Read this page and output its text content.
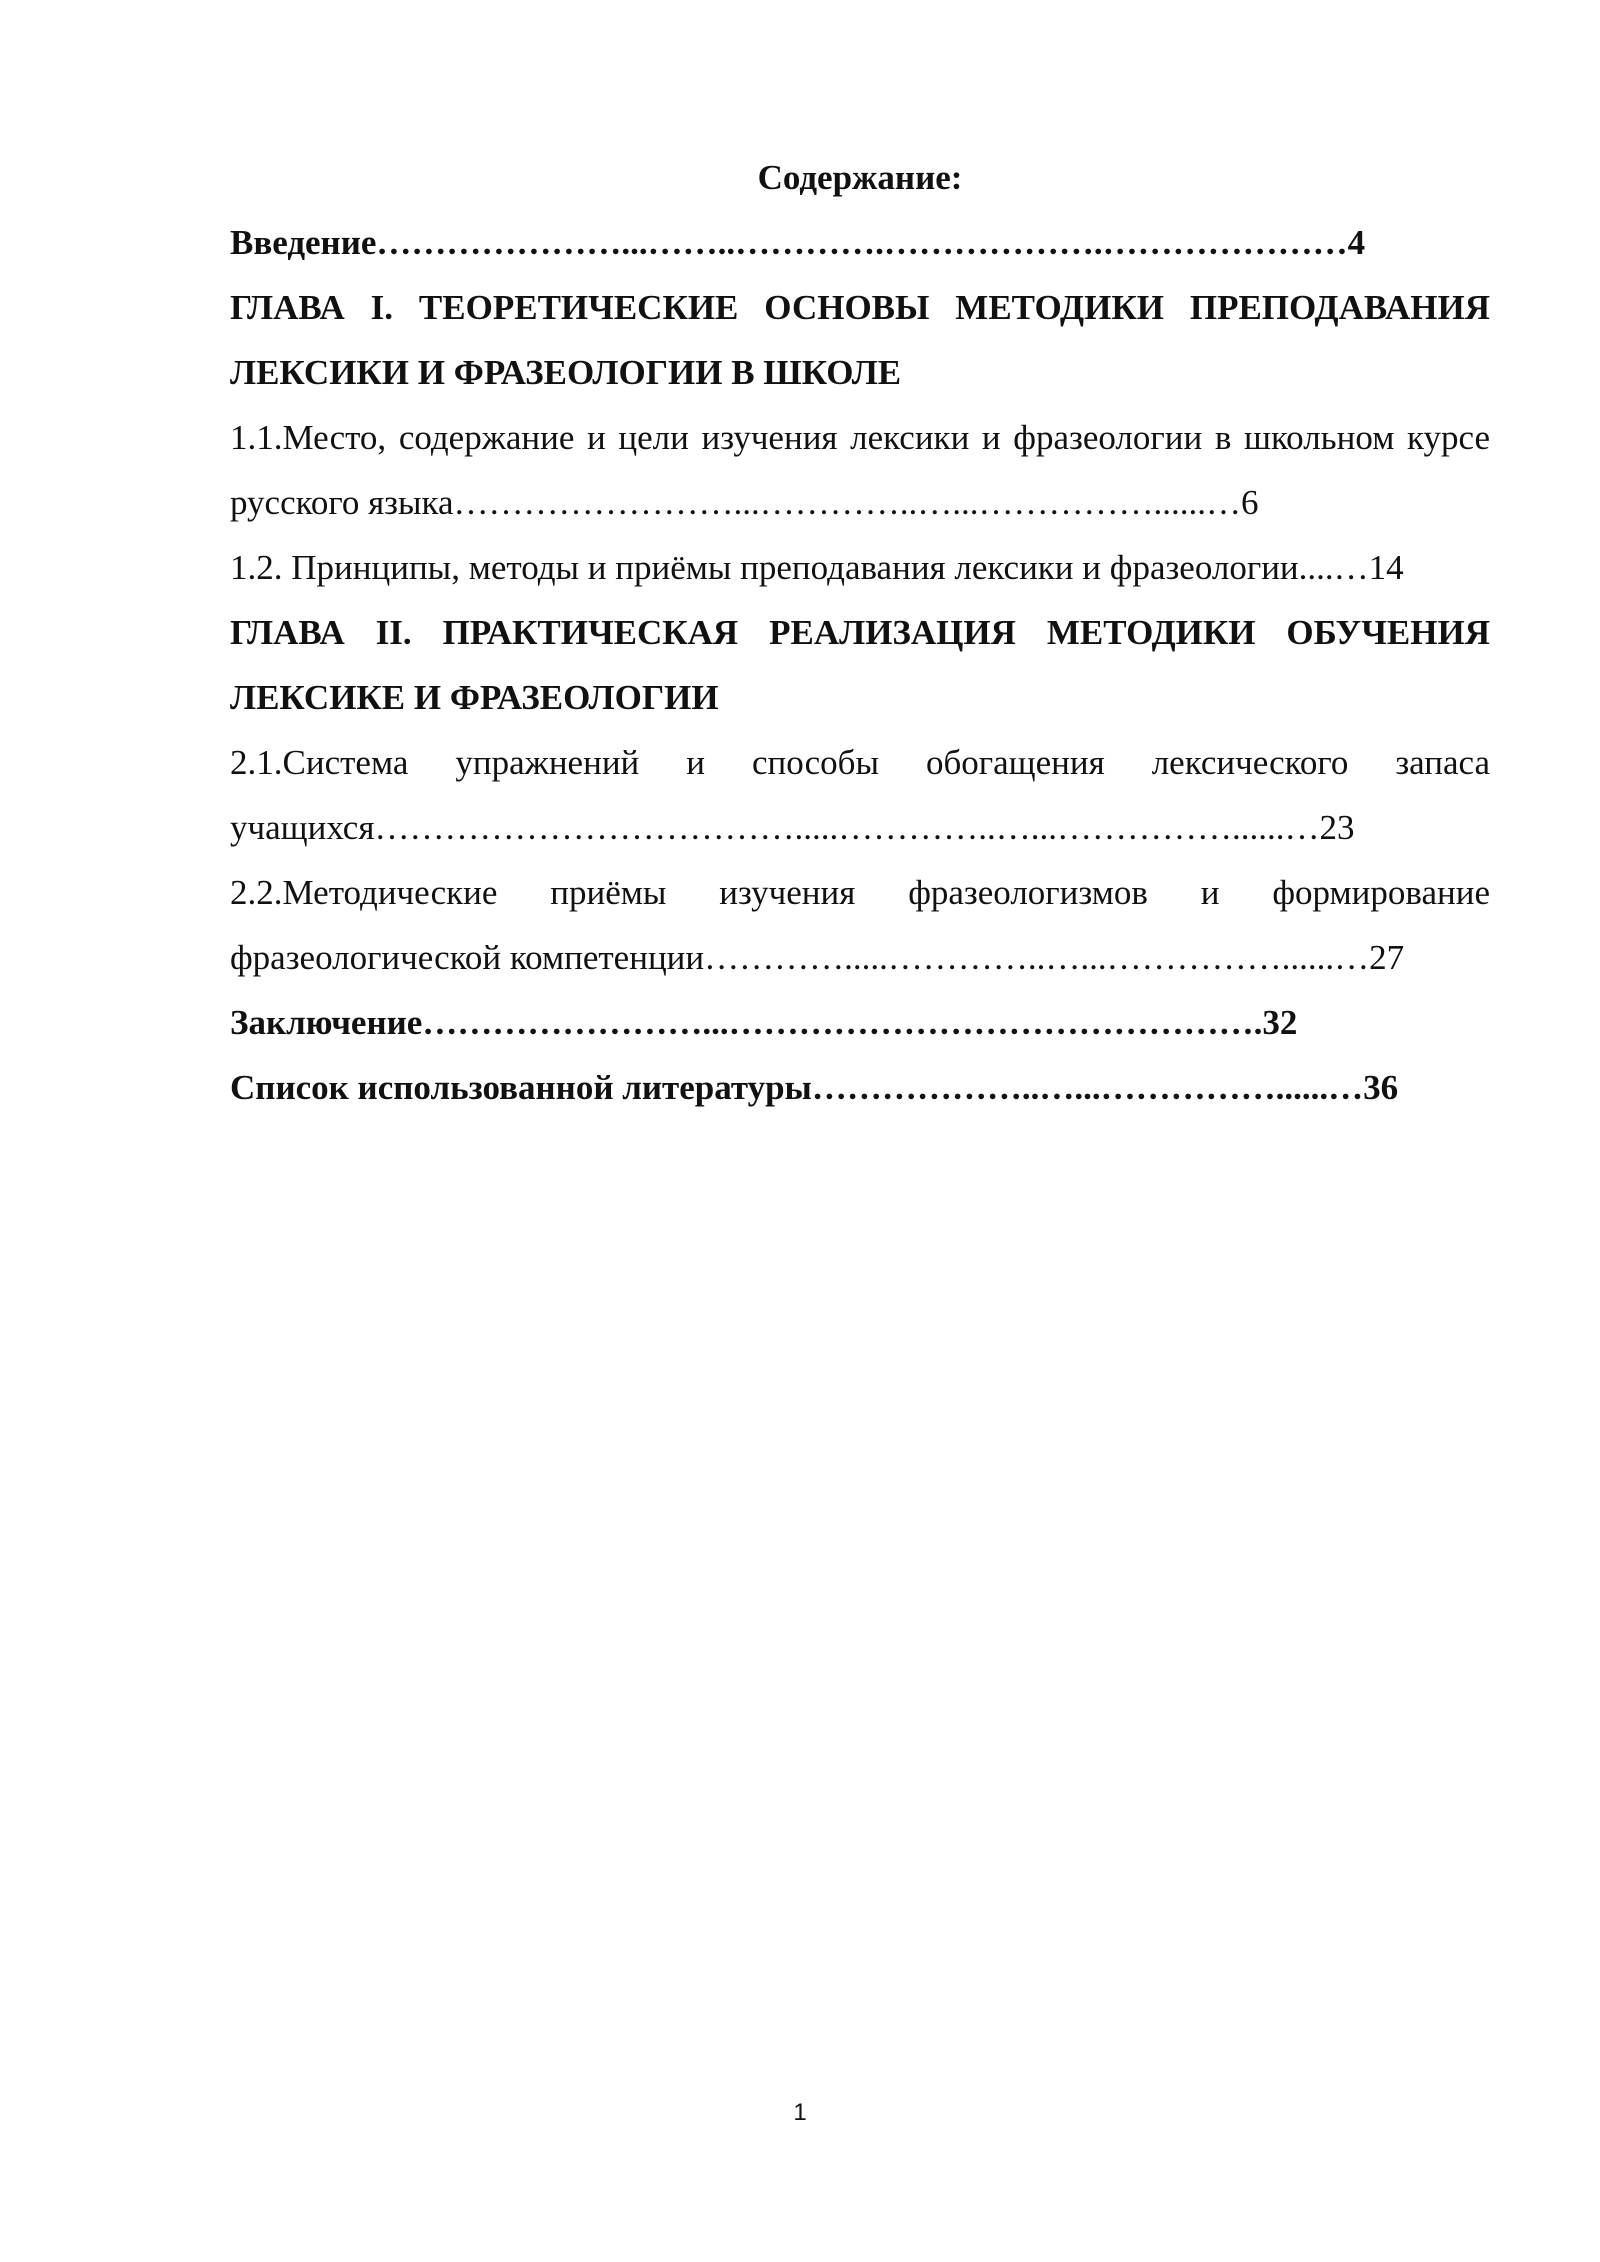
Содержание:

Введение…………………...……..………….……………….…………………4

ГЛАВА I. ТЕОРЕТИЧЕСКИЕ ОСНОВЫ МЕТОДИКИ ПРЕПОДАВАНИЯ ЛЕКСИКИ И ФРАЗЕОЛОГИИ В ШКОЛЕ

1.1.Место, содержание и цели изучения лексики и фразеологии в школьном курсе русского языка……………………...…………..…...……………......…6

1.2. Принципы, методы и приёмы преподавания лексики и фразеологии....…14

ГЛАВА II. ПРАКТИЧЕСКАЯ РЕАЛИЗАЦИЯ МЕТОДИКИ ОБУЧЕНИЯ ЛЕКСИКЕ И ФРАЗЕОЛОГИИ

2.1.Система упражнений и способы обогащения лексического запаса учащихся……………………………….....…………..…...……………......…23

2.2.Методические приёмы изучения фразеологизмов и формирование фразеологической компетенции………….....…………..…...……………......…27

Заключение……………………...……………………………………….32

Список использованной литературы………………..…...……………......…36

1
